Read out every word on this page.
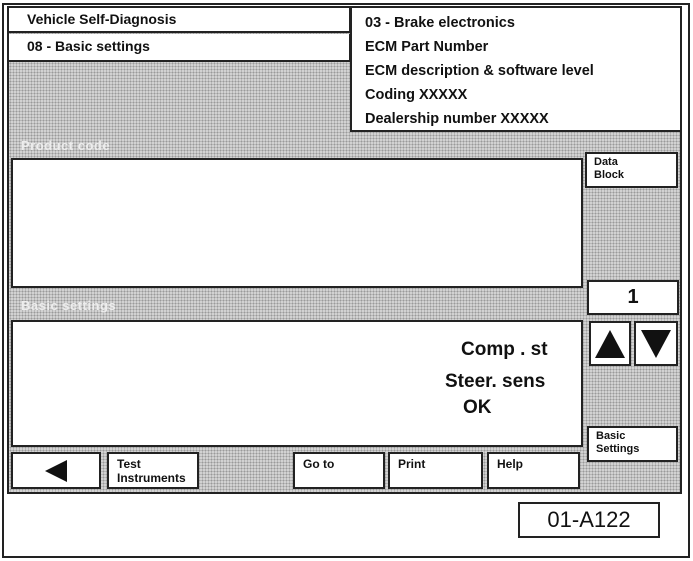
Vehicle Self-Diagnosis
08 - Basic settings
03 - Brake electronics
ECM Part Number
ECM description & software level
Coding XXXXX
Dealership number XXXXX
Product code
Data
Block
Basic settings	1
Comp . st
Steer. sens
OK
Basic
Settings
Test
Instruments
Go to	Print	Help
01-A122
